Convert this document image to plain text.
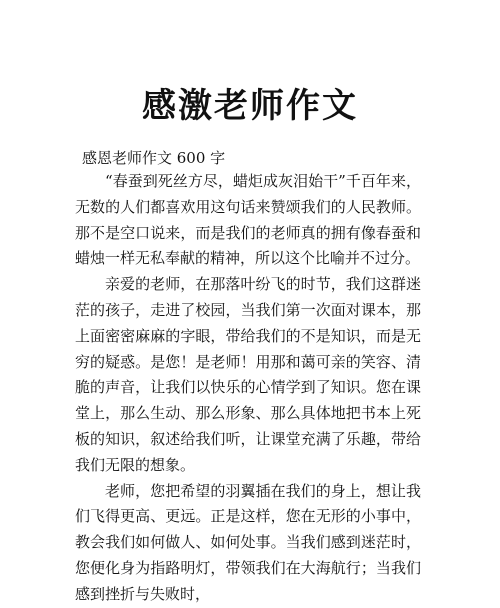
感激老师作文

感恩老师作文 600 字

“春蚕到死丝方尽，蜡炬成灰泪始干”千百年来，无数的人们都喜欢用这句话来赞颂我们的人民教师。那不是空口说来，而是我们的老师真的拥有像春蚕和蜡烛一样无私奉献的精神，所以这个比喻并不过分。

亲爱的老师，在那落叶纷飞的时节，我们这群迷茫的孩子，走进了校园，当我们第一次面对课本，那上面密密麻麻的字眼，带给我们的不是知识，而是无穷的疑惑。是您！是老师！用那和蔼可亲的笑容、清脆的声音，让我们以快乐的心情学到了知识。您在课堂上，那么生动、那么形象、那么具体地把书本上死板的知识，叙述给我们听，让课堂充满了乐趣，带给我们无限的想象。

老师，您把希望的羽翼插在我们的身上，想让我们飞得更高、更远。正是这样，您在无形的小事中，教会我们如何做人、如何处事。当我们感到迷茫时，您便化身为指路明灯，带领我们在大海航行；当我们感到挫折与失败时，
